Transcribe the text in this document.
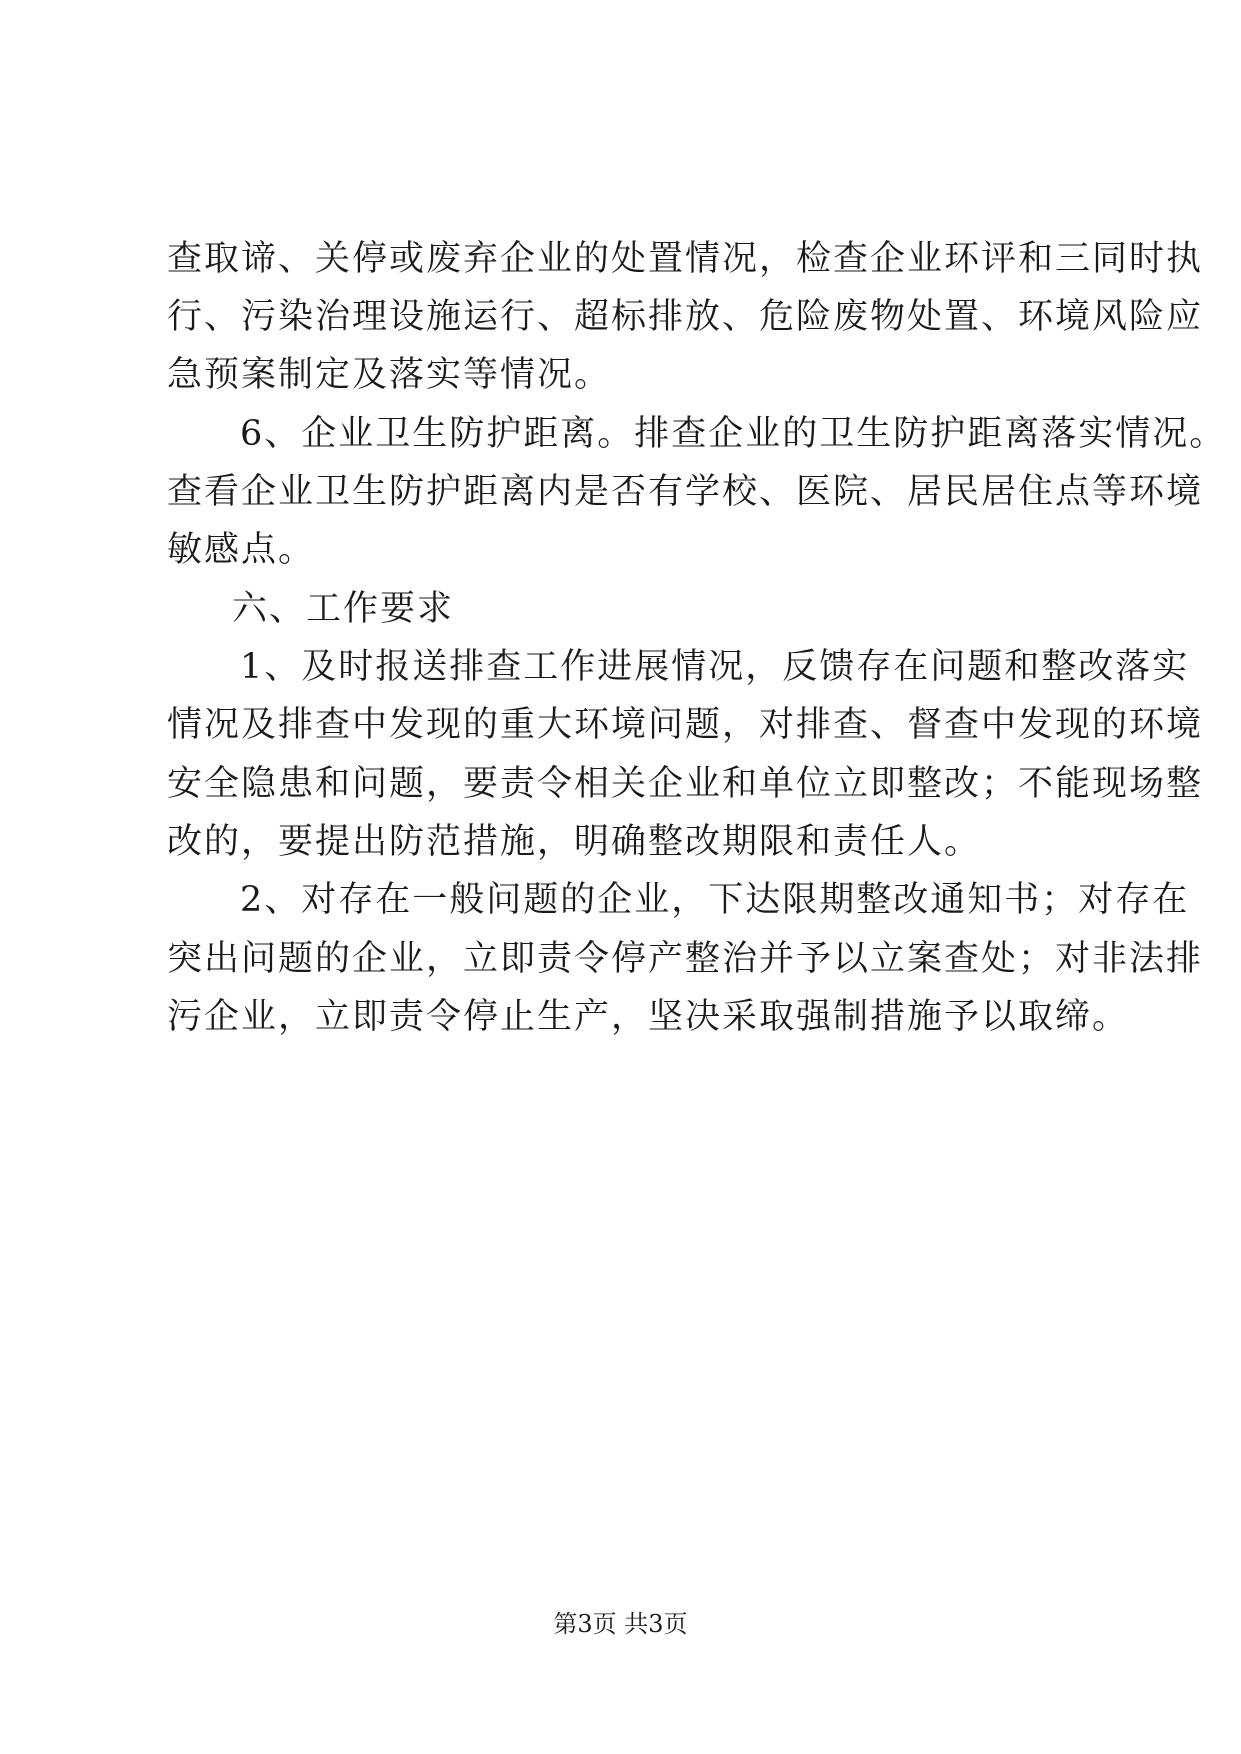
查取谛、关停或废弃企业的处置情况，检查企业环评和三同时执
行、污染治理设施运行、超标排放、危险废物处置、环境风险应
急预案制定及落实等情况。
6、企业卫生防护距离。排查企业的卫生防护距离落实情况。
查看企业卫生防护距离内是否有学校、医院、居民居住点等环境
敏感点。
六、工作要求
1、及时报送排查工作进展情况，反馈存在问题和整改落实
情况及排查中发现的重大环境问题，对排查、督查中发现的环境
安全隐患和问题，要责令相关企业和单位立即整改；不能现场整
改的，要提出防范措施，明确整改期限和责任人。
2、对存在一般问题的企业，下达限期整改通知书；对存在
突出问题的企业，立即责令停产整治并予以立案查处；对非法排
污企业，立即责令停止生产，坚决采取强制措施予以取缔。
第3页 共3页
